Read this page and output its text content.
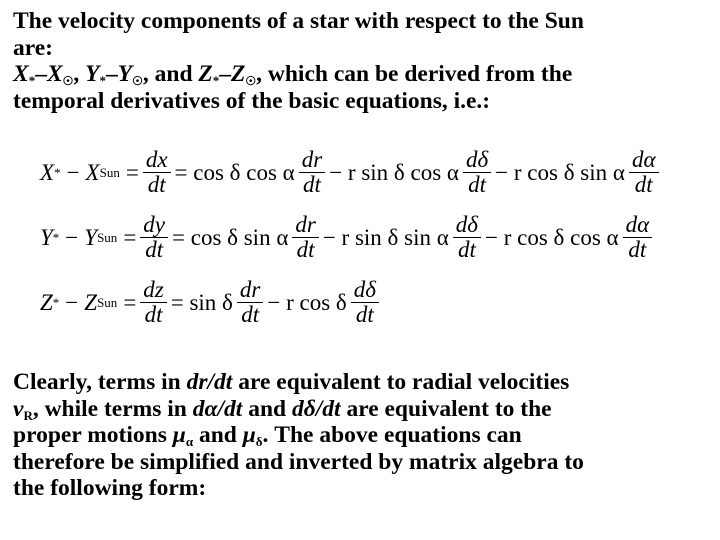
The velocity components of a star with respect to the Sun
are:
$X_*-X☉$, $Y_*-Y☉$, and $Z_*-Z☉$, which can be derived from the
temporal derivatives of the basic equations, i.e.:
X * − X Sun = $\frac{dx}{dt} = \cos \delta$ cos α $\frac{dr}{dt} - r$ sin δ cos α $\frac{d\delta}{dt} - r$ cos δ sin α $\frac{d\alpha}{dt}$
Y * − Y Sun = $\frac{dy}{dt} = \cos \delta$ sin α $\frac{dr}{dt} - r$ sin δ sin α $\frac{d\delta}{dt} - r$ cos δ cos α $\frac{d\alpha}{dt}$
Z * − Z Sun = $\frac{dz}{dt} = \sin \delta \frac{dr}{dt} - r$ cos δ $\frac{d\delta}{dt}$
Clearly, terms in dr/dt are equivalent to radial velocities
$v_R$, while terms in dα/dt and dδ/dt are equivalent to the
proper motions $\mu_\alpha$ and $\mu_\delta$. The above equations can
therefore be simplified and inverted by matrix algebra to
the following form:
